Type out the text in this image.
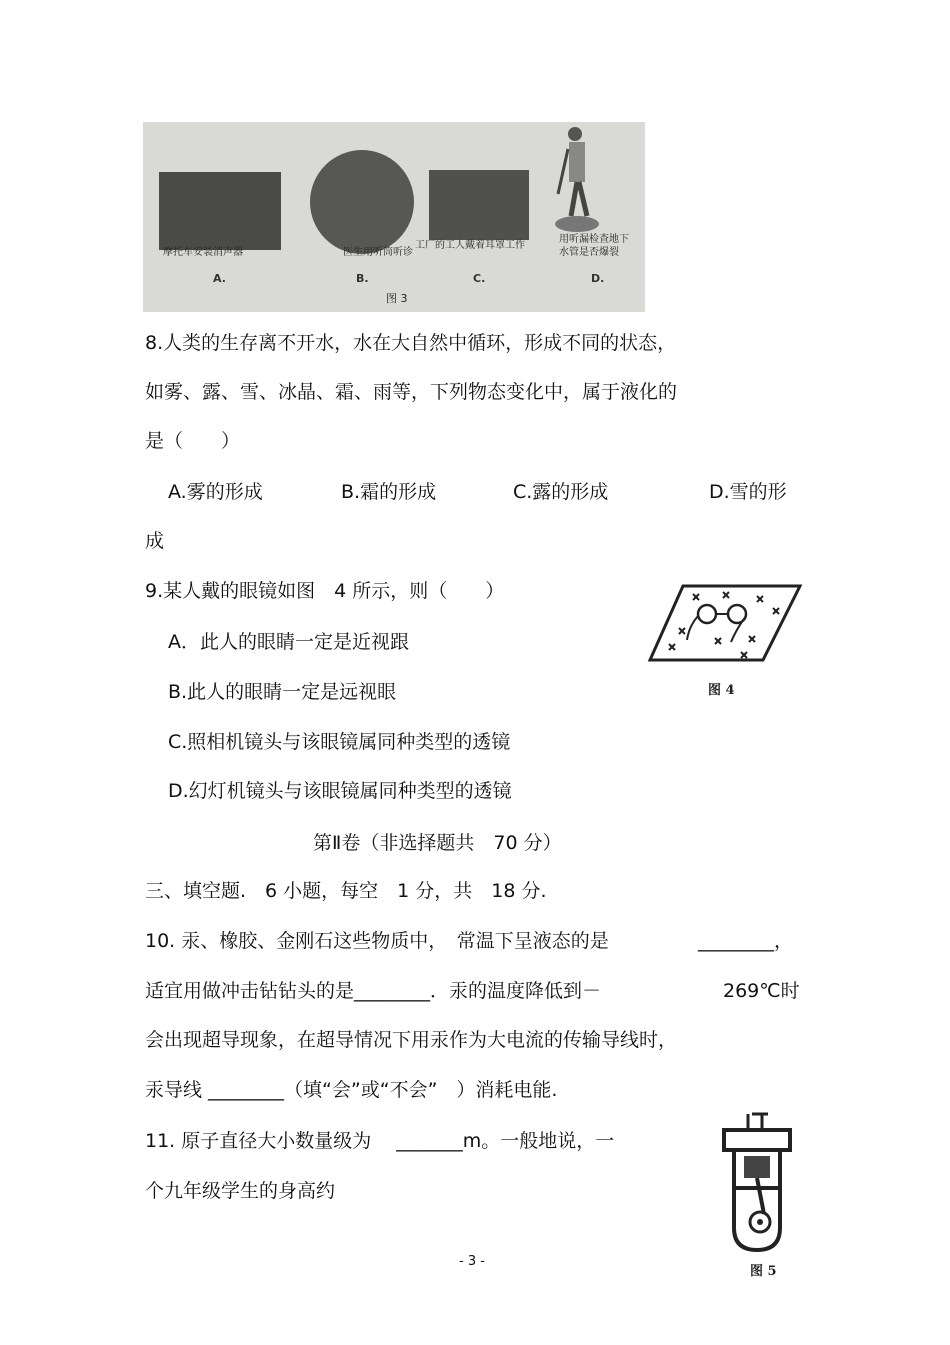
摩托车安装消声器
A.
医生用听筒听诊
B.
工厂的工人戴着耳罩工作
C.
用听漏检查地下
水管是否爆裂
D.
图 3
8.人类的生存离不开水，水在大自然中循环，形成不同的状态，
如雾、露、雪、冰晶、霜、雨等，下列物态变化中，属于液化的
是（　　）
A.雾的形成	B.霜的形成	C.露的形成	D.雪的形
成
9.某人戴的眼镜如图　4 所示，则（　　）
A．此人的眼睛一定是近视跟
B.此人的眼睛一定是远视眼
C.照相机镜头与该眼镜属同种类型的透镜
D.幻灯机镜头与该眼镜属同种类型的透镜
图 4
第Ⅱ卷（非选择题共　70 分）
三、填空题.　6 小题，每空　1 分，共　18 分.
10. 汞、橡胶、金刚石这些物质中，　常温下呈液态的是	________，
适宜用做冲击钻钻头的是________．汞的温度降低到－	269℃时
会出现超导现象，在超导情况下用汞作为大电流的传输导线时，
汞导线 ________（填“会”或“不会”　）消耗电能.
11. 原子直径大小数量级为　 _______m。一般地说，一
个九年级学生的身高约
图 5
- 3 -
